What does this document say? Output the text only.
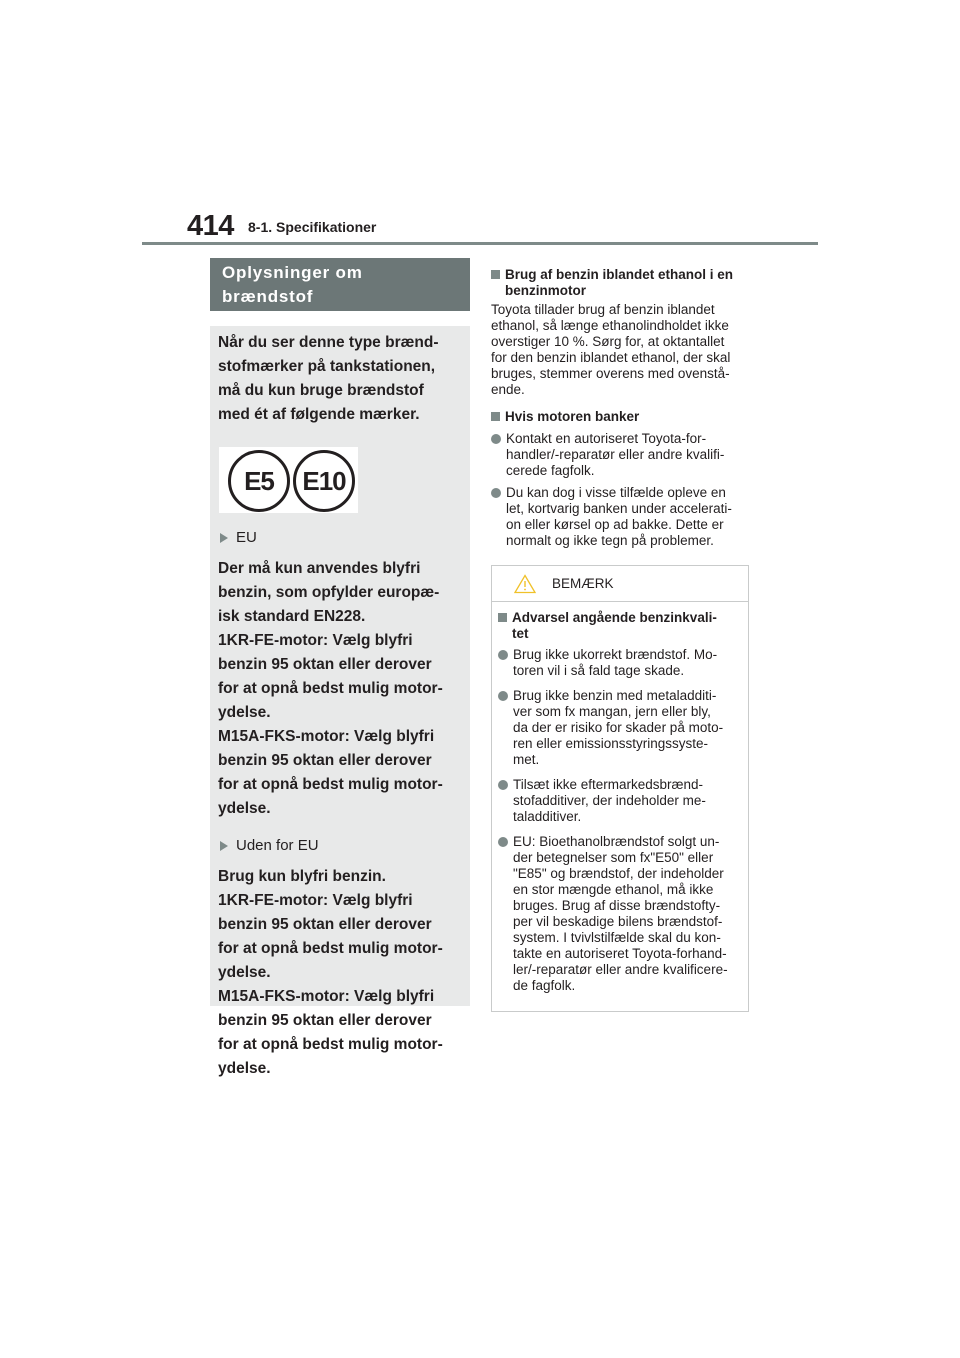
414 8-1. Specifikationer
Oplysninger om
brændstof

Når du ser denne type brænd-
stofmærker på tankstationen,
må du kun bruge brændstof
med ét af følgende mærker.

E5	E10
EU

Der må kun anvendes blyfri
benzin, som opfylder europæ-
isk standard EN228.
1KR-FE-motor: Vælg blyfri
benzin 95 oktan eller derover
for at opnå bedst mulig motor-
ydelse.
M15A-FKS-motor: Vælg blyfri
benzin 95 oktan eller derover
for at opnå bedst mulig motor-
ydelse.

Uden for EU

Brug kun blyfri benzin.
1KR-FE-motor: Vælg blyfri
benzin 95 oktan eller derover
for at opnå bedst mulig motor-
ydelse.
M15A-FKS-motor: Vælg blyfri
benzin 95 oktan eller derover
for at opnå bedst mulig motor-
ydelse.

Brug af benzin iblandet ethanol i en
benzinmotor

Toyota tillader brug af benzin iblandet
ethanol, så længe ethanolindholdet ikke
overstiger 10 %. Sørg for, at oktantallet
for den benzin iblandet ethanol, der skal
bruges, stemmer overens med ovenstå-
ende.

Hvis motoren banker
Kontakt en autoriseret Toyota-for-
handler/-reparatør eller andre kvalifi-
cerede fagfolk.
Du kan dog i visse tilfælde opleve en
let, kortvarig banken under accelerati-
on eller kørsel op ad bakke. Dette er
normalt og ikke tegn på problemer.
BEMÆRK
Advarsel angående benzinkvali-
tet
Brug ikke ukorrekt brændstof. Mo-
toren vil i så fald tage skade.
Brug ikke benzin med metaladditi-
ver som fx mangan, jern eller bly,
da der er risiko for skader på moto-
ren eller emissionsstyringssyste-
met.
Tilsæt ikke eftermarkedsbrænd-
stofadditiver, der indeholder me-
taladditiver.
EU: Bioethanolbrændstof solgt un-
der betegnelser som fx"E50" eller
"E85" og brændstof, der indeholder
en stor mængde ethanol, må ikke
bruges. Brug af disse brændstofty-
per vil beskadige bilens brændstof-
system. I tvivlstilfælde skal du kon-
takte en autoriseret Toyota-forhand-
ler/-reparatør eller andre kvalificere-
de fagfolk.
